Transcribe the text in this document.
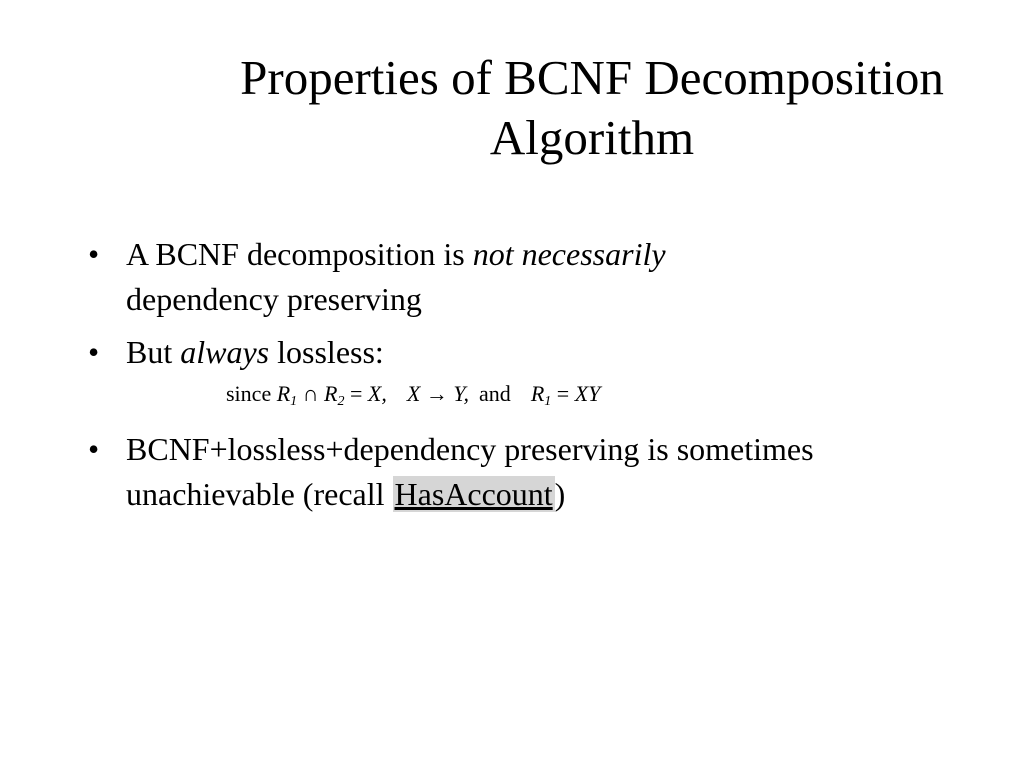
Properties of BCNF Decomposition
Algorithm
• A BCNF decomposition is not necessarily
dependency preserving
• But always lossless:
since $R_1$ ∩ $R_2 = X$, X → Y, and $R_1$ = XY
• BCNF+lossless+dependency preserving is sometimes unachievable (recall HasAccount)
